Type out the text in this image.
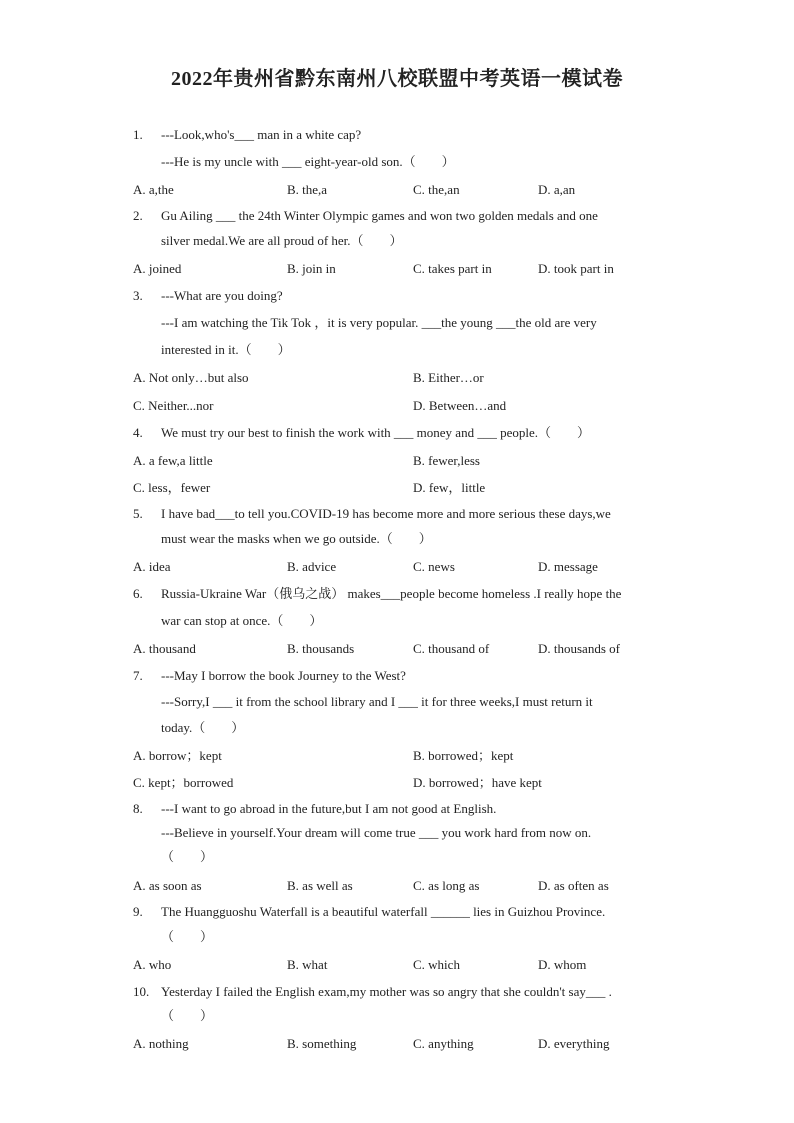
2022年贵州省黔东南州八校联盟中考英语一模试卷
1. ---Look,who's___ man in a white cap?
---He is my uncle with ___ eight-year-old son.（　　）
A. a,the	B. the,a	C. the,an	D. a,an
2. Gu Ailing ___ the 24th Winter Olympic games and won two golden medals and one
silver medal.We are all proud of her.（　　）
A. joined	B. join in	C. takes part in	D. took part in
3. ---What are you doing?
---I am watching the Tik Tok ，it is very popular. ___the young ___the old are very
interested in it.（　　）
A. Not only…but also	B. Either…or
C. Neither...nor	D. Between…and
4. We must try our best to finish the work with ___ money and ___ people.（　　）
A. a few,a little	B. fewer,less
C. less，fewer	D. few，little
5. I have bad___to tell you.COVID-19 has become more and more serious these days,we
must wear the masks when we go outside.（　　）
A. idea	B. advice	C. news	D. message
6. Russia-Ukraine War（俄乌之战） makes___people become homeless .I really hope the
war can stop at once.（　　）
A. thousand	B. thousands	C. thousand of	D. thousands of
7. ---May I borrow the book Journey to the West?
---Sorry,I ___ it from the school library and I ___ it for three weeks,I must return it
today.（　　）
A. borrow；kept	B. borrowed；kept
C. kept；borrowed	D. borrowed；have kept
8. ---I want to go abroad in the future,but I am not good at English.
---Believe in yourself.Your dream will come true ___ you work hard from now on.
（　　）
A. as soon as	B. as well as	C. as long as	D. as often as
9. The Huangguoshu Waterfall is a beautiful waterfall ______ lies in Guizhou Province.
（　　）
A. who	B. what	C. which	D. whom
10. Yesterday I failed the English exam,my mother was so angry that she couldn't say___ .
（　　）
A. nothing	B. something	C. anything	D. everything
